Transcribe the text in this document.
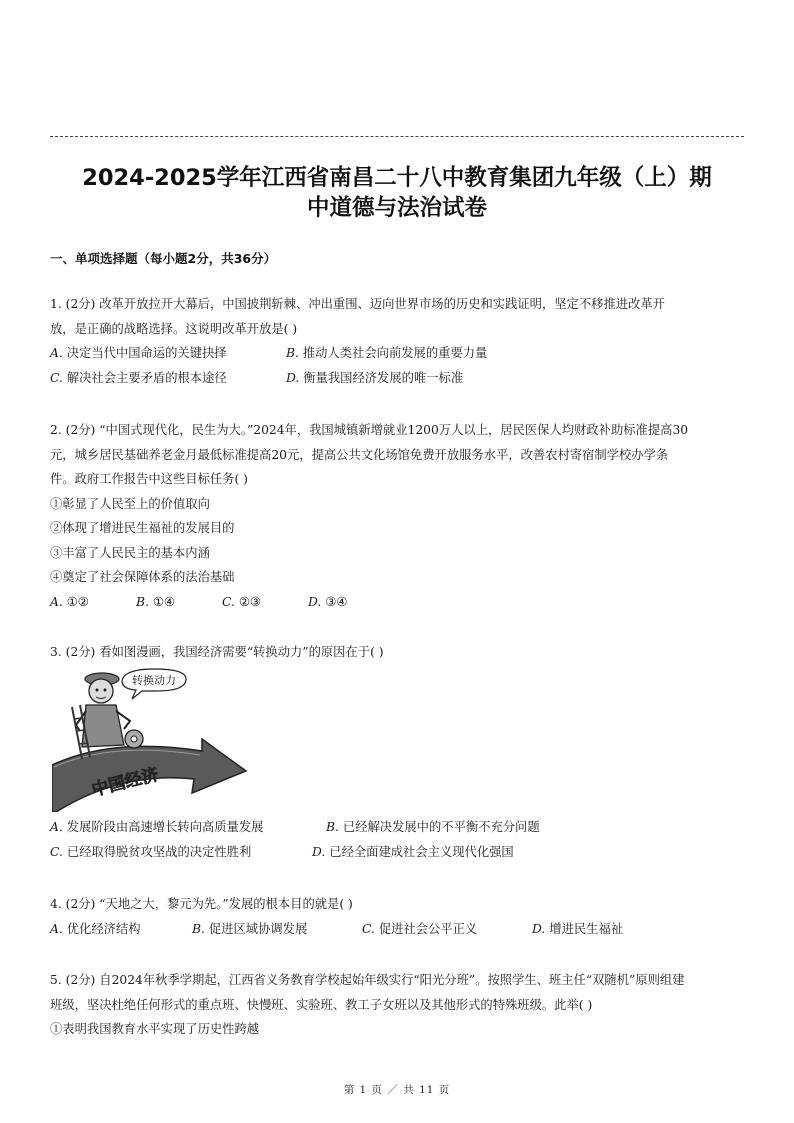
2024-2025学年江西省南昌二十八中教育集团九年级（上）期
中道德与法治试卷
一、单项选择题（每小题2分，共36分）
1. (2分) 改革开放拉开大幕后，中国披荆斩棘、冲出重围、迈向世界市场的历史和实践证明，坚定不移推进改革开
放，是正确的战略选择。这说明改革开放是( )
A. 决定当代中国命运的关键抉择	B. 推动人类社会向前发展的重要力量
C. 解决社会主要矛盾的根本途径	D. 衡量我国经济发展的唯一标准
2. (2分) “中国式现代化，民生为大。”2024年，我国城镇新增就业1200万人以上，居民医保人均财政补助标准提高30
元，城乡居民基础养老金月最低标准提高20元，提高公共文化场馆免费开放服务水平，改善农村寄宿制学校办学条
件。政府工作报告中这些目标任务( )
①彰显了人民至上的价值取向
②体现了增进民生福祉的发展目的
③丰富了人民民主的基本内涵
④奠定了社会保障体系的法治基础
A. ①②	B. ①④	C. ②③	D. ③④
3. (2分) 看如图漫画，我国经济需要“转换动力”的原因在于( )
转换动力
中国经济
A. 发展阶段由高速增长转向高质量发展	B. 已经解决发展中的不平衡不充分问题
C. 已经取得脱贫攻坚战的决定性胜利	D. 已经全面建成社会主义现代化强国
4. (2分) “天地之大，黎元为先。”发展的根本目的就是( )
A. 优化经济结构	B. 促进区域协调发展	C. 促进社会公平正义	D. 增进民生福祉
5. (2分) 自2024年秋季学期起，江西省义务教育学校起始年级实行“阳光分班”。按照学生、班主任“双随机”原则组建
班级，坚决杜绝任何形式的重点班、快慢班、实验班、教工子女班以及其他形式的特殊班级。此举( )
①表明我国教育水平实现了历史性跨越
第 1 页 ／ 共 11 页
